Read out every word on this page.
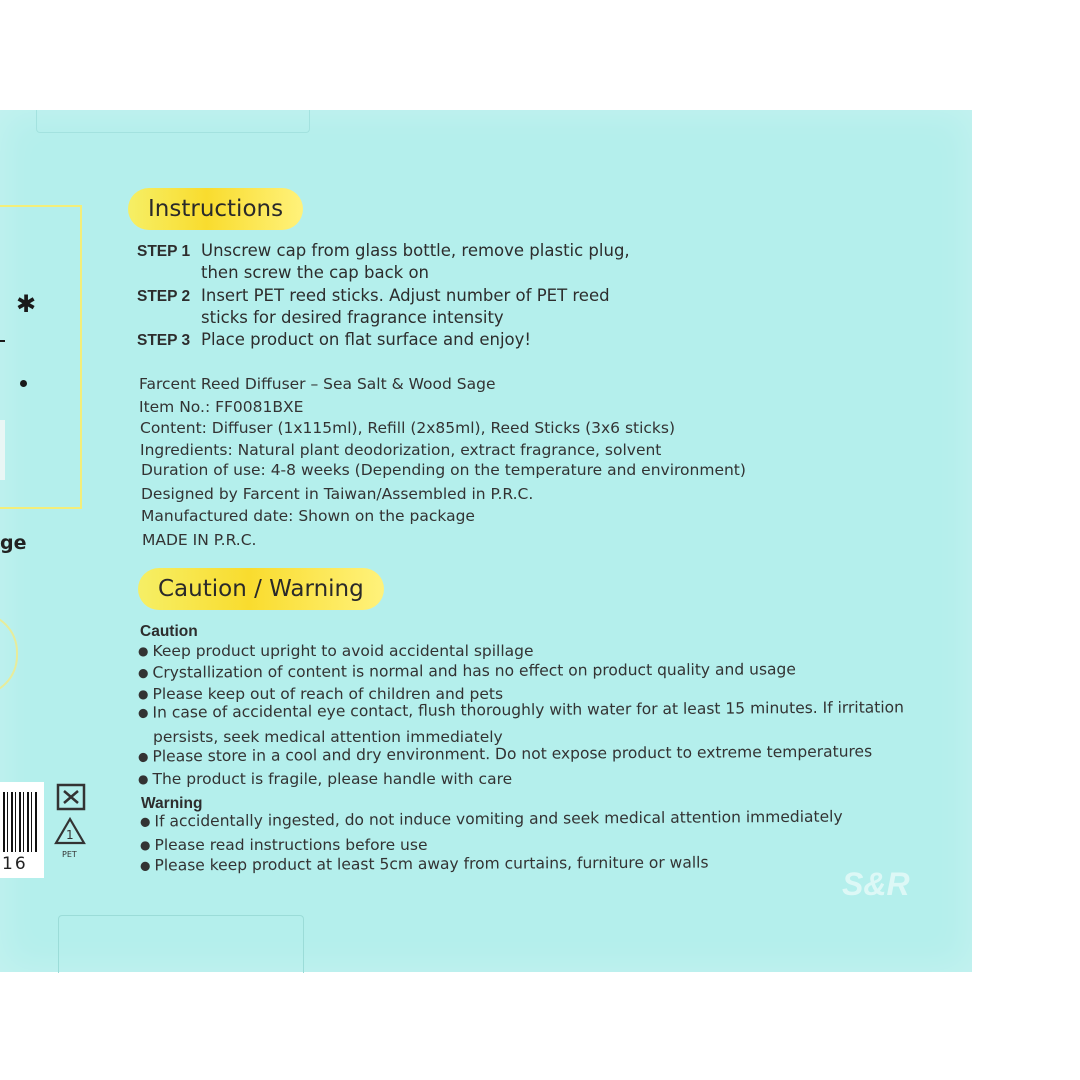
✱
ge
16
1
PET
Instructions
STEP 1 Unscrew cap from glass bottle, remove plastic plug,
then screw the cap back on
STEP 2 Insert PET reed sticks. Adjust number of PET reed
sticks for desired fragrance intensity
STEP 3 Place product on flat surface and enjoy!
Farcent Reed Diffuser – Sea Salt & Wood Sage
Item No.: FF0081BXE
Content: Diffuser (1x115ml), Refill (2x85ml), Reed Sticks (3x6 sticks)
Ingredients: Natural plant deodorization, extract fragrance, solvent
Duration of use: 4-8 weeks (Depending on the temperature and environment)
Designed by Farcent in Taiwan/Assembled in P.R.C.
Manufactured date: Shown on the package
MADE IN P.R.C.
Caution / Warning
Caution
● Keep product upright to avoid accidental spillage
● Crystallization of content is normal and has no effect on product quality and usage
● Please keep out of reach of children and pets
● In case of accidental eye contact, flush thoroughly with water for at least 15 minutes. If irritation
persists, seek medical attention immediately
● Please store in a cool and dry environment. Do not expose product to extreme temperatures
● The product is fragile, please handle with care
Warning
● If accidentally ingested, do not induce vomiting and seek medical attention immediately
● Please read instructions before use
● Please keep product at least 5cm away from curtains, furniture or walls
S&R
